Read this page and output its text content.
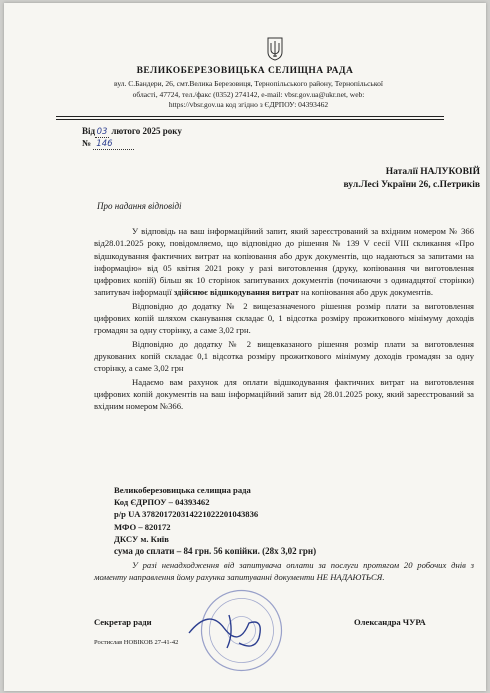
ВЕЛИКОБЕРЕЗОВИЦЬКА СЕЛИЩНА РАДА
вул. С.Бандери, 26, смт.Велика Березовиця, Тернопільського району, Тернопільської
області, 47724, тел./факс (0352) 274142, e-mail: vbsr.gov.ua@ukr.net, web:
https://vbsr.gov.ua код згідно з ЄДРПОУ: 04393462
Від 03 лютого 2025 року
№ 146
Наталії НАЛУКОВІЙ
вул.Лесі України 26, с.Петриків
Про надання відповіді

У відповідь на ваш інформаційний запит, який зареєстрований за вхідним номером № 366 від28.01.2025 року, повідомляємо, що відповідно до рішення № 139 V сесії VIII скликання «Про відшкодування фактичних витрат на копіювання або друк документів, що надаються за запитами на інформацію» від 05 квітня 2021 року у разі виготовлення (друку, копіювання чи виготовлення цифрових копій) більш як 10 сторінок запитуваних документів (починаючи з одинадцятої сторінки) запитувач інформації здійснює відшкодування витрат на копіювання або друк документів.

Відповідно до додатку № 2 вищезазначеного рішення розмір плати за виготовлення цифрових копій шляхом сканування складає 0, 1 відсотка розміру прожиткового мінімуму доходів громадян за одну сторінку, а саме 3,02 грн.

Відповідно до додатку № 2 вищевказаного рішення розмір плати за виготовлення друкованих копій складає 0,1 відсотка розміру прожиткового мінімуму доходів громадян за одну сторінку, а саме 3,02 грн

Надаємо вам рахунок для оплати відшкодування фактичних витрат на виготовлення цифрових копій документів на ваш інформаційний запит від 28.01.2025 року, який зареєстрований за вхідним номером №366.

Великоберезовицька селищна рада
Код ЄДРПОУ – 04393462
р/р UA 378201720314221022201043836
МФО – 820172
ДКСУ м. Київ
сума до сплати – 84 грн. 56 копійки. (28х 3,02 грн)
У разі ненадходження від запитувача оплати за послуги протягом 20 робочих днів з моменту направлення йому рахунка запитуванні документи НЕ НАДАЮТЬСЯ.
Секретар ради	Олександра ЧУРА
Ростислав НОВІКОВ 27-41-42
